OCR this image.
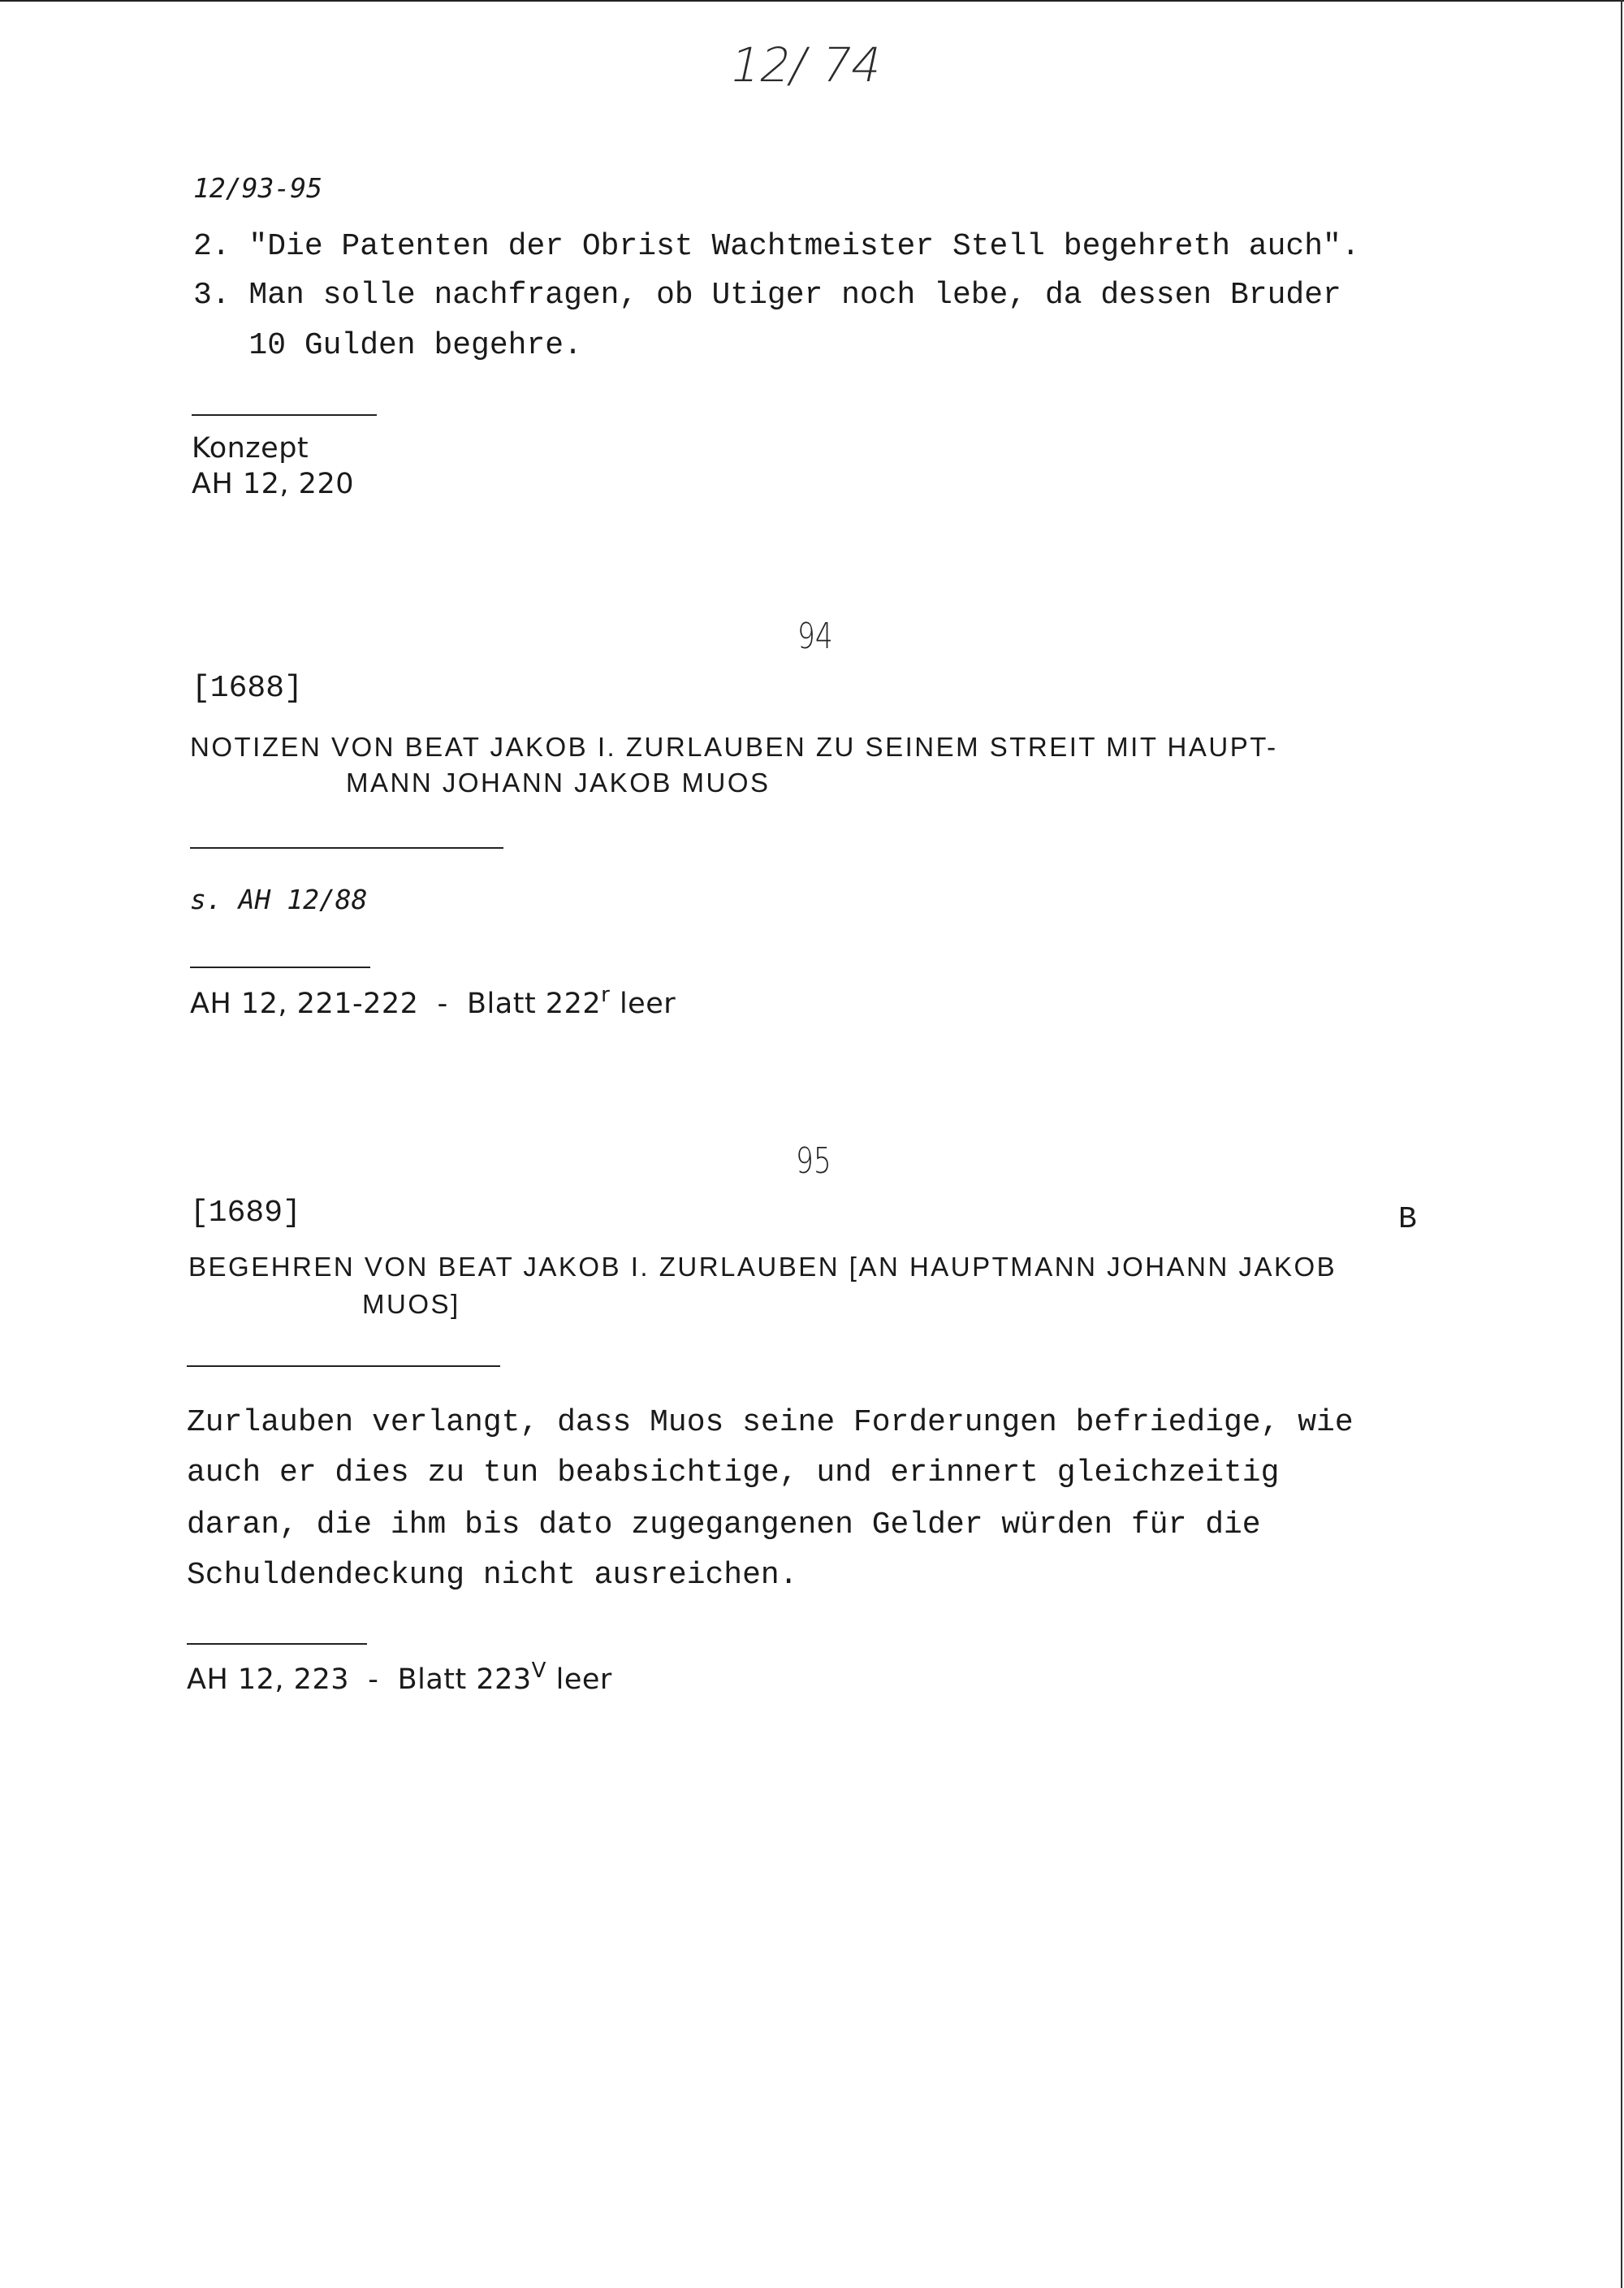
12/ 74
12/93-95
2. "Die Patenten der Obrist Wachtmeister Stell begehreth auch".
3. Man solle nachfragen, ob Utiger noch lebe, da dessen Bruder
10 Gulden begehre.
Konzept
AH 12, 220
94
[1688]
NOTIZEN VON BEAT JAKOB I. ZURLAUBEN ZU SEINEM STREIT MIT HAUPT-
MANN JOHANN JAKOB MUOS
s. AH 12/88
AH 12, 221-222  -  Blatt 222$^r$ leer
95
[1689]	B
BEGEHREN VON BEAT JAKOB I. ZURLAUBEN [AN HAUPTMANN JOHANN JAKOB
MUOS]
Zurlauben verlangt, dass Muos seine Forderungen befriedige, wie
auch er dies zu tun beabsichtige, und erinnert gleichzeitig
daran, die ihm bis dato zugegangenen Gelder würden für die
Schuldendeckung nicht ausreichen.
AH 12, 223  -  Blatt $223^V$ leer
